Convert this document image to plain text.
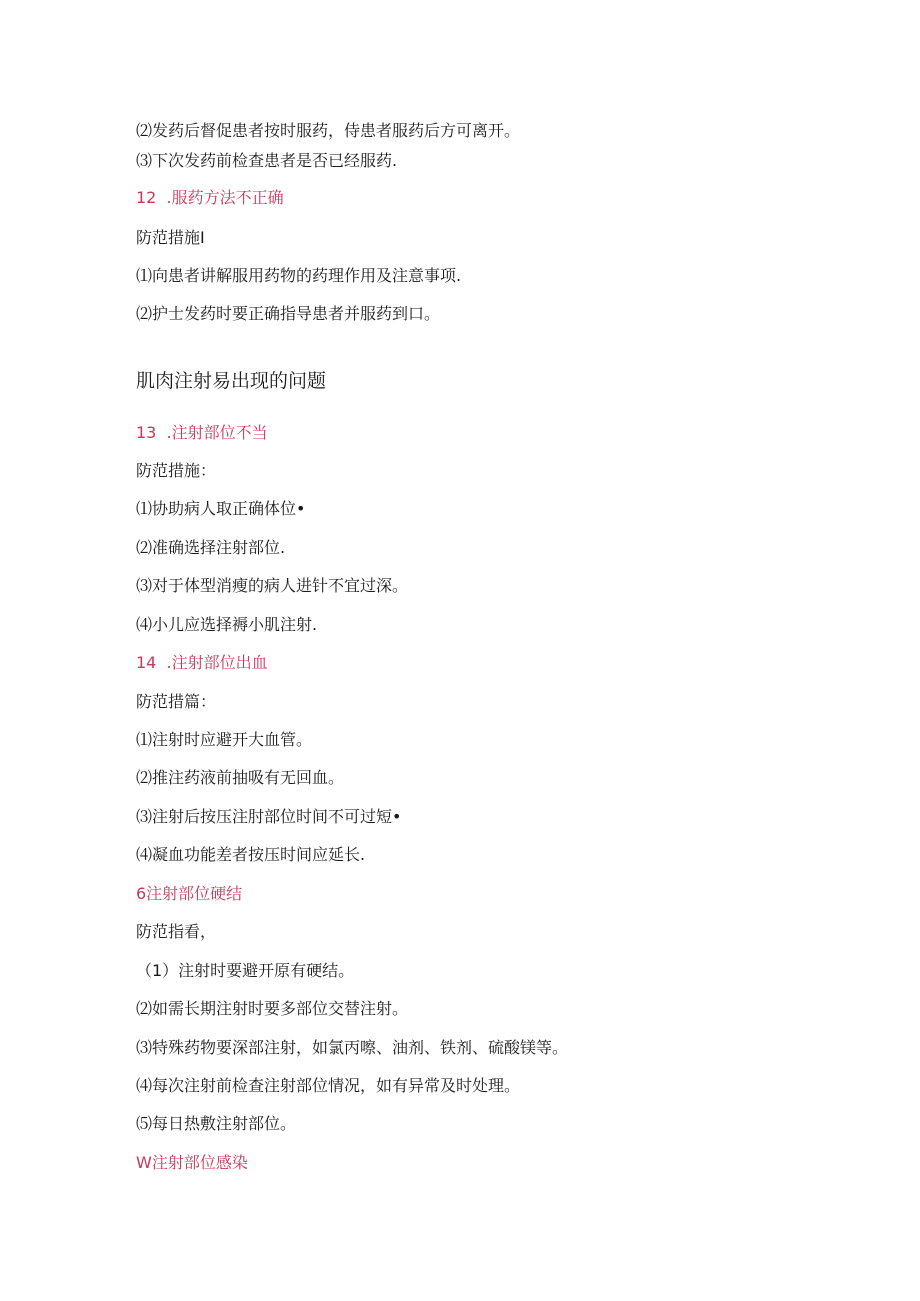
⑵发药后督促患者按时服药，侍患者服药后方可离开。
⑶下次发药前检查患者是否已经服药.
12  .服药方法不正确
防范措施I
⑴向患者讲解服用药物的药理作用及注意事项.
⑵护士发药时要正确指导患者并服药到口。
肌肉注射易出现的问题
13  .注射部位不当
防范措施：
⑴协助病人取正确体位•
⑵准确选择注射部位.
⑶对于体型消瘦的病人进针不宜过深。
⑷小儿应选择褥小肌注射.
14  .注射部位出血
防范措篇：
⑴注射时应避开大血管。
⑵推注药液前抽吸有无回血。
⑶注射后按压注肘部位时间不可过短•
⑷凝血功能差者按压时间应延长.
6注射部位硬结
防范指看，
（1）注射时要避开原有硬结。
⑵如需长期注射时要多部位交替注射。
⑶特殊药物要深部注射，如氯丙嚓、油剂、铁剂、硫酸镁等。
⑷每次注射前检查注射部位情况，如有异常及时处理。
⑸每日热敷注射部位。
W注射部位感染
